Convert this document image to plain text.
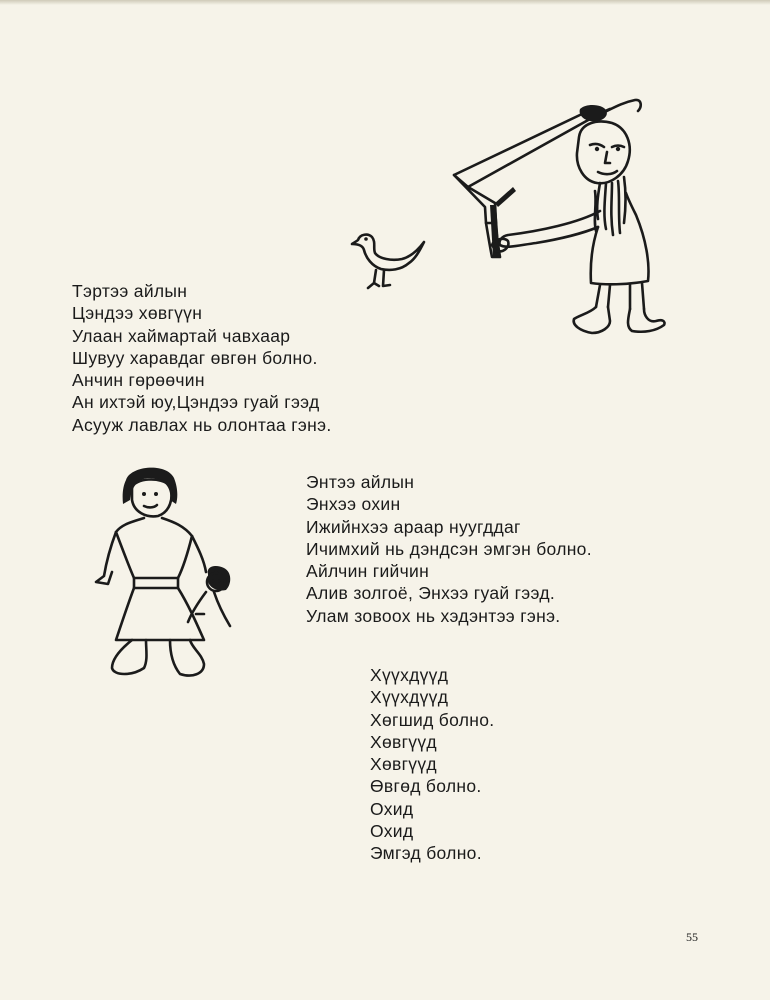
Тэртээ айлын
Цэндээ хөвгүүн
Улаан хаймартай чавхаар
Шувуу харавдаг өвгөн болно.
Анчин гөрөөчин
Ан ихтэй юу,Цэндээ гуай гээд
Асууж лавлах нь олонтаа гэнэ.
Энтээ айлын
Энхээ охин
Ижийнхээ араар нуугддаг
Ичимхий нь дэндсэн эмгэн болно.
Айлчин гийчин
Алив золгоё, Энхээ гуай гээд.
Улам зовоох нь хэдэнтээ гэнэ.
Хүүхдүүд
Хүүхдүүд
Хөгшид болно.
Хөвгүүд
Хөвгүүд
Өвгөд болно.
Охид
Охид
Эмгэд болно.
55
